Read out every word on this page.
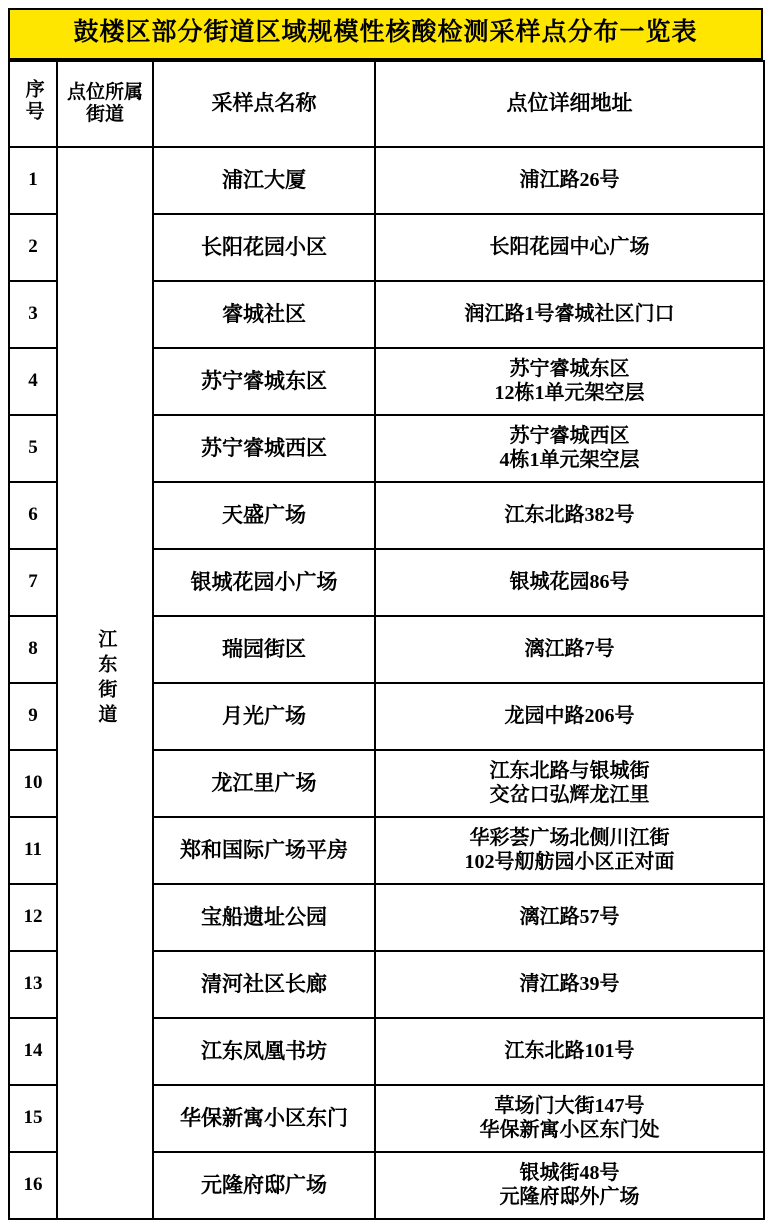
鼓楼区部分街道区域规模性核酸检测采样点分布一览表
序号	点位所属街道	采样点名称	点位详细地址
1	江东街道	浦江大厦	浦江路26号

2		长阳花园小区	长阳花园中心广场

3		睿城社区	润江路1号睿城社区门口

4		苏宁睿城东区	苏宁睿城东区
12栋1单元架空层

5		苏宁睿城西区	苏宁睿城西区
4栋1单元架空层

6		天盛广场	江东北路382号

7		银城花园小广场	银城花园86号

8		瑞园街区	漓江路7号

9		月光广场	龙园中路206号

10		龙江里广场	江东北路与银城街
交岔口弘辉龙江里

11		郑和国际广场平房	华彩荟广场北侧川江街
102号舠舫园小区正对面

12		宝船遗址公园	漓江路57号

13		清河社区长廊	清江路39号

14		江东凤凰书坊	江东北路101号

15		华保新寓小区东门	草场门大街147号
华保新寓小区东门处

16		元隆府邸广场	银城街48号
元隆府邸外广场
